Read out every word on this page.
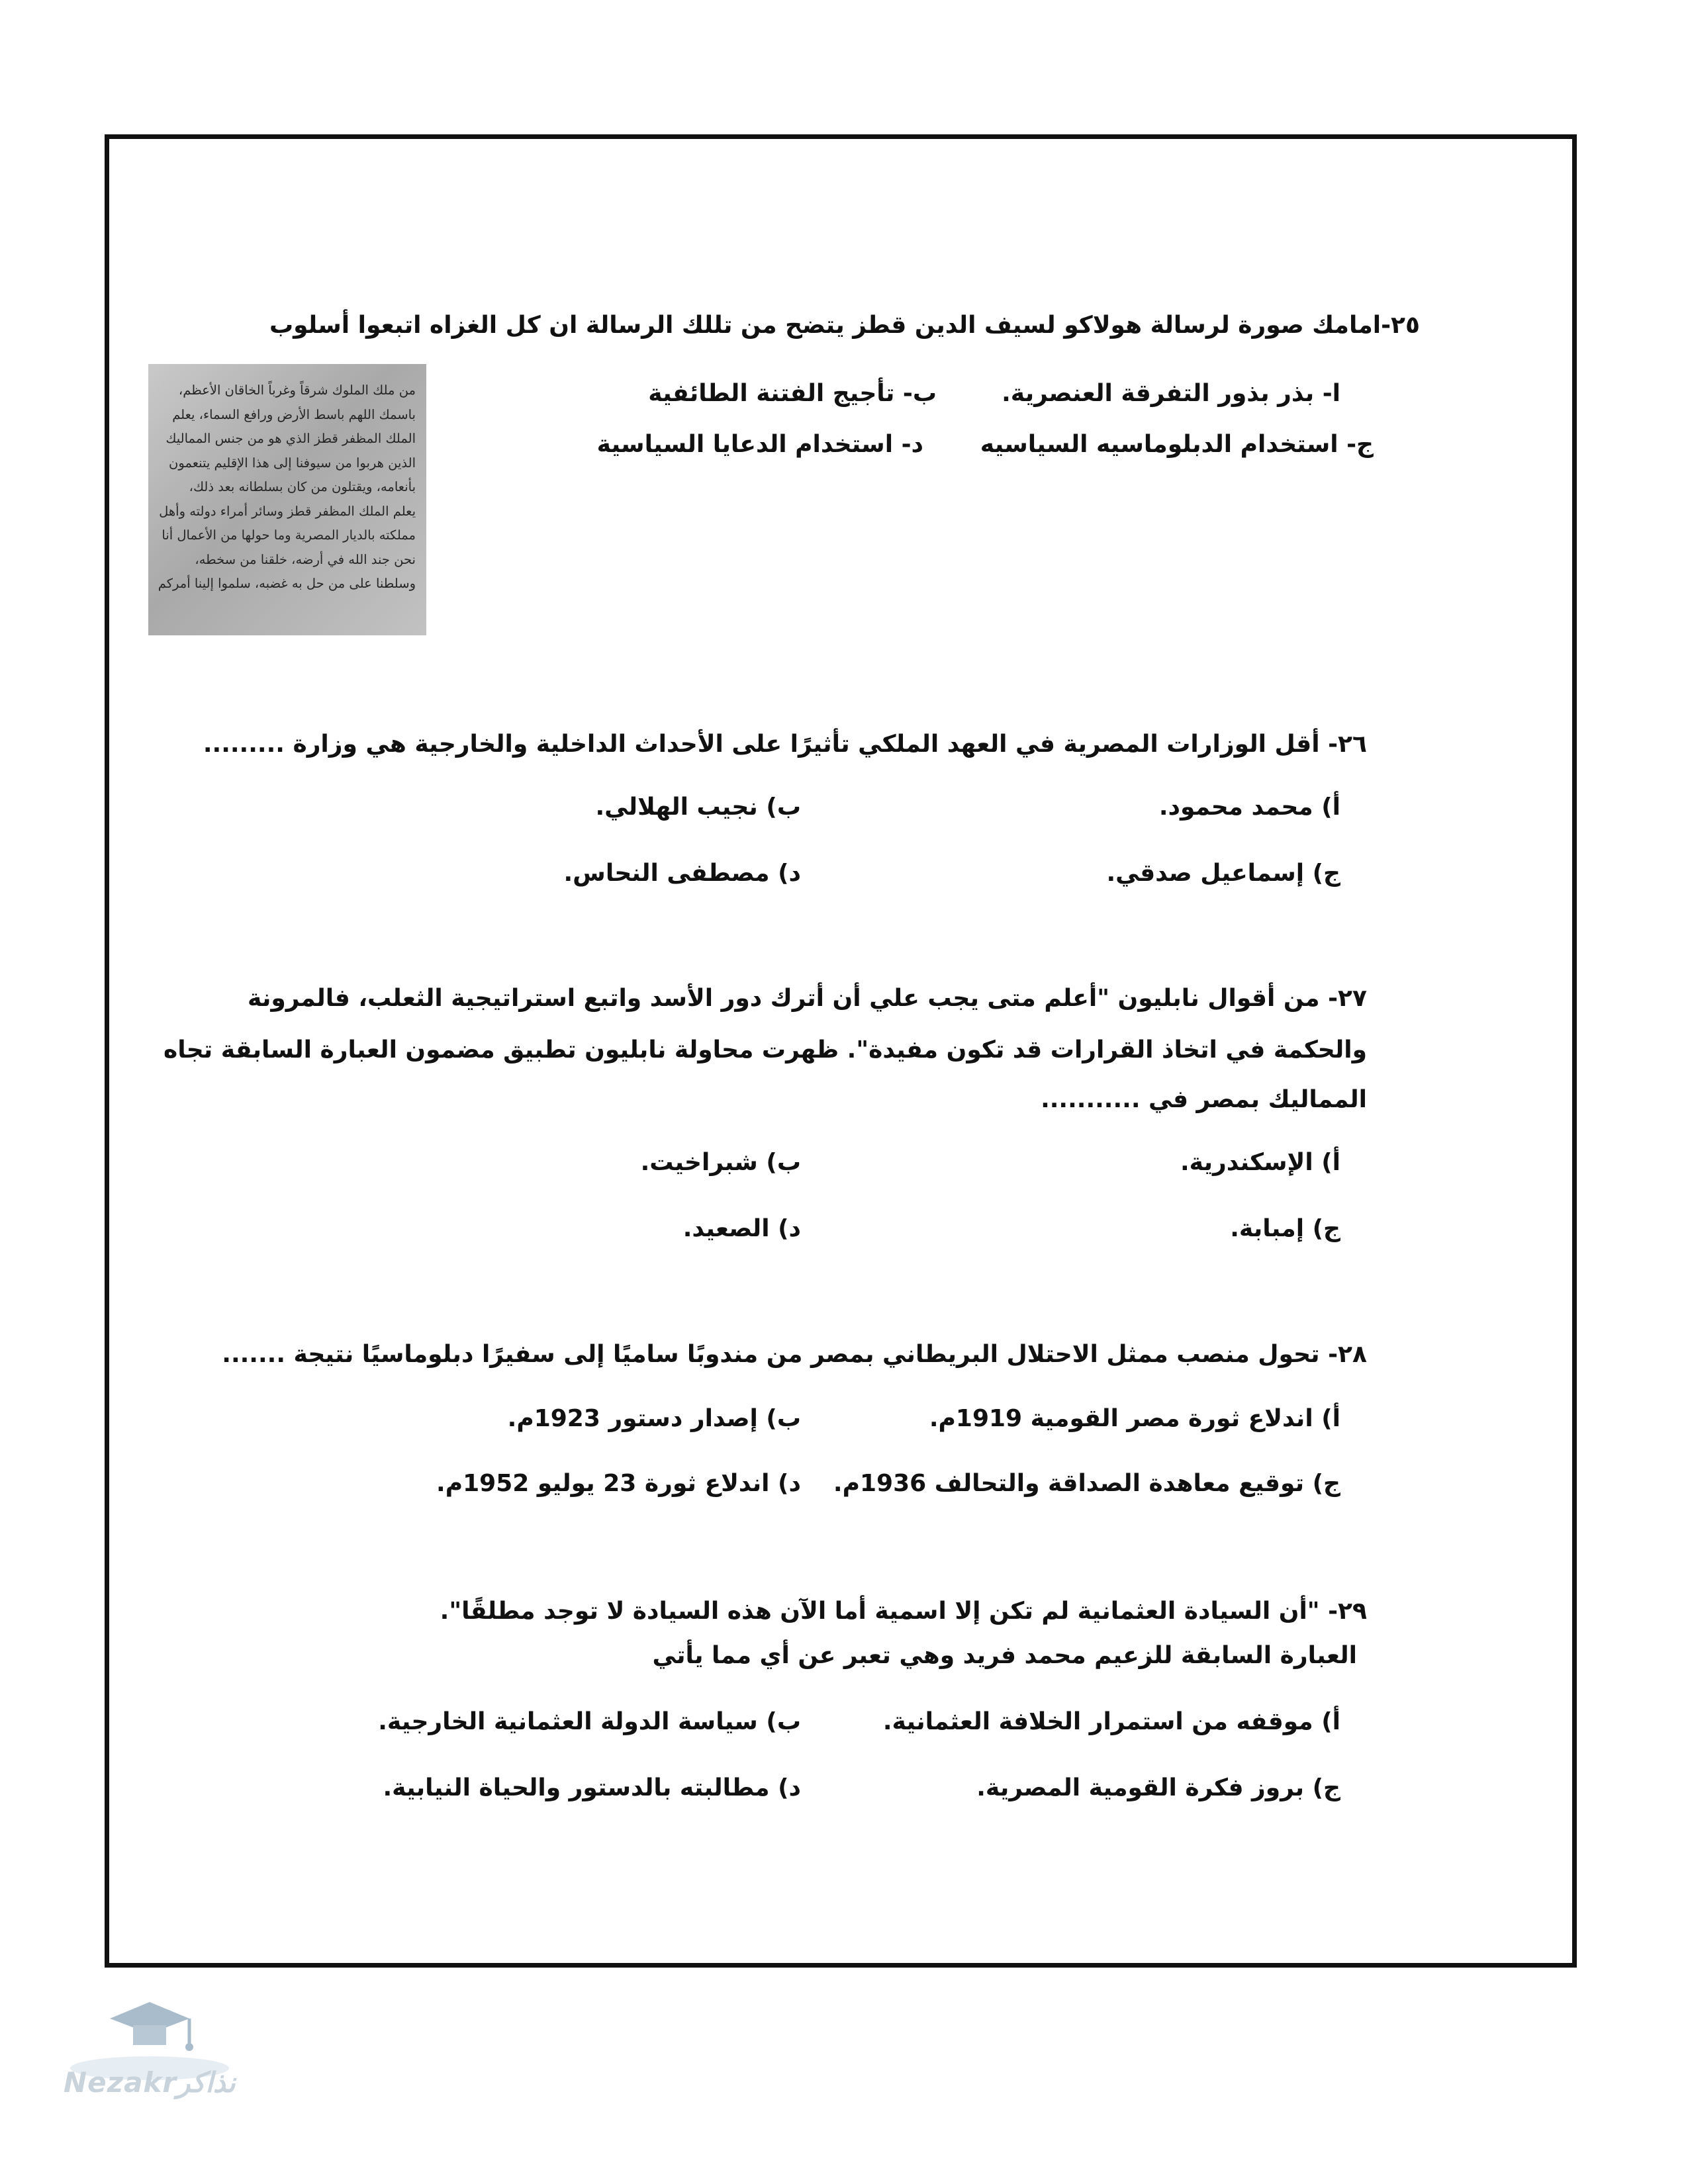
٢٥-امامك صورة لرسالة هولاكو لسيف الدين قطز يتضح من تللك الرسالة ان كل الغزاه اتبعوا أسلوب
ا- بذر بذور التفرقة العنصرية.
ب- تأجيج الفتنة الطائفية
ج- استخدام الدبلوماسيه السياسيه
د- استخدام الدعايا السياسية
من ملك الملوك شرقاً وغرباً الخاقان الأعظم،
باسمك اللهم باسط الأرض ورافع السماء، يعلم
الملك المظفر قطز الذي هو من جنس المماليك
الذين هربوا من سيوفنا إلى هذا الإقليم يتنعمون
بأنعامه، ويقتلون من كان بسلطانه بعد ذلك،
يعلم الملك المظفر قطز وسائر أمراء دولته وأهل
مملكته بالديار المصرية وما حولها من الأعمال أنا
نحن جند الله في أرضه، خلقنا من سخطه،
وسلطنا على من حل به غضبه، سلموا إلينا أمركم
٢٦- أقل الوزارات المصرية في العهد الملكي تأثيرًا على الأحداث الداخلية والخارجية هي وزارة .........
أ) محمد محمود.
ب) نجيب الهلالي.
ج) إسماعيل صدقي.
د) مصطفى النحاس.
٢٧- من أقوال نابليون "أعلم متى يجب علي أن أترك دور الأسد واتبع استراتيجية الثعلب، فالمرونة
والحكمة في اتخاذ القرارات قد تكون مفيدة". ظهرت محاولة نابليون تطبيق مضمون العبارة السابقة تجاه
المماليك بمصر في ...........
أ) الإسكندرية.
ب) شبراخيت.
ج) إمبابة.
د) الصعيد.
٢٨- تحول منصب ممثل الاحتلال البريطاني بمصر من مندوبًا ساميًا إلى سفيرًا دبلوماسيًا نتيجة .......
أ) اندلاع ثورة مصر القومية 1919م.
ب) إصدار دستور 1923م.
ج) توقيع معاهدة الصداقة والتحالف 1936م.
د) اندلاع ثورة 23 يوليو 1952م.
٢٩- "أن السيادة العثمانية لم تكن إلا اسمية أما الآن هذه السيادة لا توجد مطلقًا".
العبارة السابقة للزعيم محمد فريد وهي تعبر عن أي مما يأتي
أ) موقفه من استمرار الخلافة العثمانية.
ب) سياسة الدولة العثمانية الخارجية.
ج) بروز فكرة القومية المصرية.
د) مطالبته بالدستور والحياة النيابية.
Nezakrنذاكر
